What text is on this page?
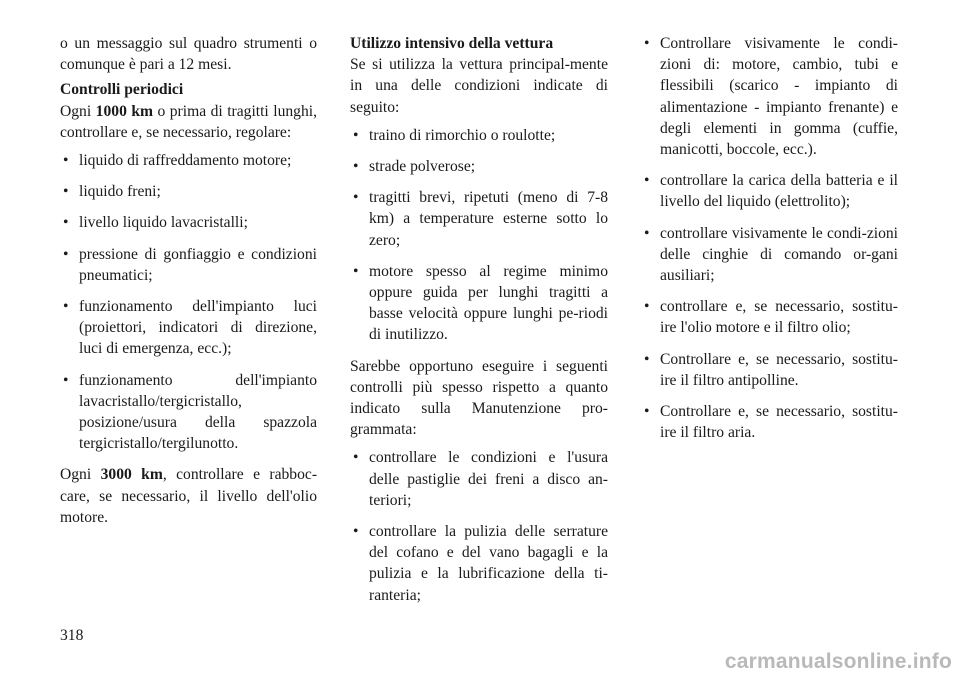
o un messaggio sul quadro strumenti o comunque è pari a 12 mesi.

Controlli periodici

Ogni 1000 km o prima di tragitti lunghi, controllare e, se necessario, regolare:

• liquido di raffreddamento motore;
• liquido freni;
• livello liquido lavacristalli;
• pressione di gonfiaggio e condizioni pneumatici;
• funzionamento dell'impianto luci (proiettori, indicatori di direzione, luci di emergenza, ecc.);
• funzionamento dell'impianto lavacristallo/tergicristallo, posizione/usura della spazzola tergicristallo/tergilunotto.

Ogni 3000 km, controllare e rabboc-care, se necessario, il livello dell'olio motore.

Utilizzo intensivo della vettura

Se si utilizza la vettura principal-mente in una delle condizioni indicate di seguito:

• traino di rimorchio o roulotte;
• strade polverose;
• tragitti brevi, ripetuti (meno di 7-8 km) a temperature esterne sotto lo zero;
• motore spesso al regime minimo oppure guida per lunghi tragitti a basse velocità oppure lunghi pe-riodi di inutilizzo.

Sarebbe opportuno eseguire i seguenti controlli più spesso rispetto a quanto indicato sulla Manutenzione pro-grammata:

• controllare le condizioni e l'usura delle pastiglie dei freni a disco an-teriori;
• controllare la pulizia delle serrature del cofano e del vano bagagli e la pulizia e la lubrificazione della ti-ranteria;
• Controllare visivamente le condi-zioni di: motore, cambio, tubi e flessibili (scarico - impianto di alimentazione - impianto frenante) e degli elementi in gomma (cuffie, manicotti, boccole, ecc.).
• controllare la carica della batteria e il livello del liquido (elettrolito);
• controllare visivamente le condi-zioni delle cinghie di comando or-gani ausiliari;
• controllare e, se necessario, sostitu-ire l'olio motore e il filtro olio;
• Controllare e, se necessario, sostitu-ire il filtro antipolline.
• Controllare e, se necessario, sostitu-ire il filtro aria.
318
carmanualsonline.info
